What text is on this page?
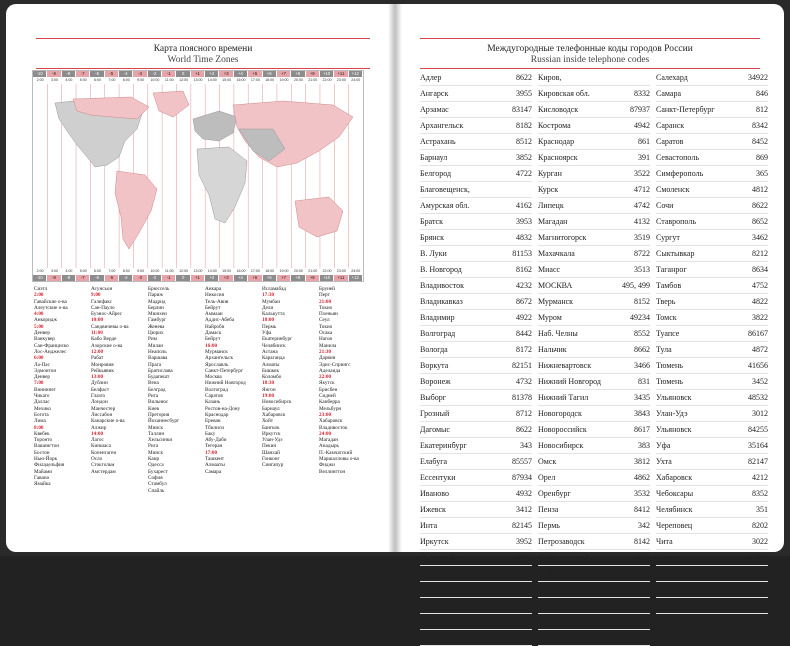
Карта поясного времени
World Time Zones
-10	-9	-8	-7	-6	-5	-4	-3	-2	-1	0	+1	+2	+3	+4	+5	+6	+7	+8	+9	+10	+11	+12
2:00	3:00	4:00	5:00	6:00	7:00	8:00	9:00	10:00	11:00	12:00	13:00	14:00	15:00	16:00	17:00	18:00	19:00	20:00	21:00	22:00	23:00	24:00
2:00	3:00	4:00	5:00	6:00	7:00	8:00	9:00	10:00	11:00	12:00	13:00	14:00	15:00	16:00	17:00	18:00	19:00	20:00	21:00	22:00	23:00	24:00
-10	-9	-8	-7	-6	-5	-4	-3	-2	-1	0	+1	+2	+3	+4	+5	+6	+7	+8	+9	+10	+11	+12
Сиэтл
2:00
Гавайские о-ва
Алеутские о-ва
4:00
Анкоридж
5:00
Денвер
Ванкувер
Сан-Франциско
Лос-Анджелес
6:00
Ла-Пас
Эдмонтон
Денвер
7:00
Виннипег
Чикаго
Даллас
Мехико
Богота
Лима
8:00
Квебек
Торонто
Вашингтон
Бостон
Нью-Йорк
Филадельфия
Майами
Гавана
Ямайка
Асунсьон
9:00
Галифакс
Сан-Пауло
Буэнос-Айрес
10:00
Сандвичевы о-ва
11:00
Кабо Верде
Азорские о-ва
12:00
Рабат
Монровия
Рейкьявик
13:00
Дублин
Белфаст
Глазго
Лондон
Манчестер
Лиссабон
Канарские о-ва
Алжир
14:00
Лагос
Киншаса
Копенгаген
Осло
Стокгольм
Амстердам
Брюссель
Париж
Мадрид
Берлин
Мюнхен
Гамбург
Женева
Цюрих
Рим
Милан
Неаполь
Варшава
Прага
Братислава
Будапешт
Вена
Белград
Рига
Вильнюс
Киев
Претория
Йоханнесбург
Минск
Таллин
Хельсинки
Рига
Минск
Каир
Одесса
Бухарест
София
Стамбул
Спайль
Анкара
Никосия
Тель-Авив
Бейрут
Аммаан
Аддис-Абеба
Найроби
Дамаск
Бейрут
16:00
Мурманск
Архангельск
Ярославль
Санкт-Петербург
Москва
Нижний Новгород
Волгоград
Саратов
Казань
Ростов-на-Дону
Краснодар
Ереван
Тбилиси
Баку
Абу-Даби
Тегеран
17:00
Ташкент
Алмааты
Самара
Исламабад
17:30
Мумбаи
Дели
Калькутта
18:00
Пермь
Уфа
Екатеринбург
Челябинск
Астана
Караганда
Алматы
Бишкек
Коломбо
18:30
Янгон
19:00
Новосибирск
Барнаул
Хабаровск
Хойт
Бангкок
Иркутск
Улан-Удэ
Пекин
Шанхай
Гонконг
Сингапур
Бруней
Перт
21:00
Токио
Пхеньян
Сеул
Токио
Осака
Нагоя
Манила
21:30
Дарвин
Эдис-Спрингс
Аделаида
22:00
Якутск
Брисбен
Сидней
Канберра
Мельбурн
23:00
Хабаровск
Владивосток
24:00
Магадан
Анадырь
П.-Камчатский
Маршалловы о-ва
Фиджи
Веллингтон
Междугородные телефонные коды городов России
Russian inside telephone codes
Адлер	8622
Ангарск	3955
Арзамас	83147
Архангельск	8182
Астрахань	8512
Барнаул	3852
Белгород	4722
Благовещенск,
Амурская обл.	4162
Братск	3953
Брянск	4832
В. Луки	81153
В. Новгород	8162
Владивосток	4232
Владикавказ	8672
Владимир	4922
Волгоград	8442
Вологда	8172
Воркута	82151
Воронеж	4732
Выборг	81378
Грозный	8712
Дагомыс	8622
Екатеринбург	343
Елабуга	85557
Ессентуки	87934
Иваново	4932
Ижевск	3412
Инта	82145
Иркутск	3952
Йошкар-Ола	8362
Казань	843
Калининград	4012
Калуга	4842
Кемерово	3842
Кинешма	49331
Киров,
Кировская обл.	8332
Кисловодск	87937
Кострома	4942
Краснодар	861
Красноярск	391
Курган	3522
Курск	4712
Липецк	4742
Магадан	4132
Магнитогорск	3519
Махачкала	8722
Миасс	3513
МОСКВА	495, 499
Мурманск	8152
Муром	49234
Наб. Челны	8552
Нальчик	8662
Нижневартовск	3466
Нижний Новгород	831
Нижний Тагил	3435
Новогородск	3843
Новороссийск	8617
Новосибирск	383
Омск	3812
Орел	4862
Оренбург	3532
Пенза	8412
Пермь	342
Петрозаводск	8142
П.-Камчатский	4152
Псков	8112
Пятигорск	8793
Ростов-на-Дону	863
Рыбинск	4855
Рязань	4912
Салехард	34922
Самара	846
Санкт-Петербург	812
Саранск	8342
Саратов	8452
Севастополь	869
Симферополь	365
Смоленск	4812
Сочи	8622
Ставрополь	8652
Сургут	3462
Сыктывкар	8212
Таганрог	8634
Тамбов	4752
Тверь	4822
Томск	3822
Туапсе	86167
Тула	4872
Тюмень	41656
Тюмень	3452
Ульяновск	48532
Улан-Удэ	3012
Ульяновск	84255
Уфа	35164
Ухта	82147
Хабаровск	4212
Чебоксары	8352
Челябинск	351
Череповец	8202
Чита	3022
Элиста	84722
Ю.-Сахалинск	4242
Якутск	4112
Ярославль	4852
